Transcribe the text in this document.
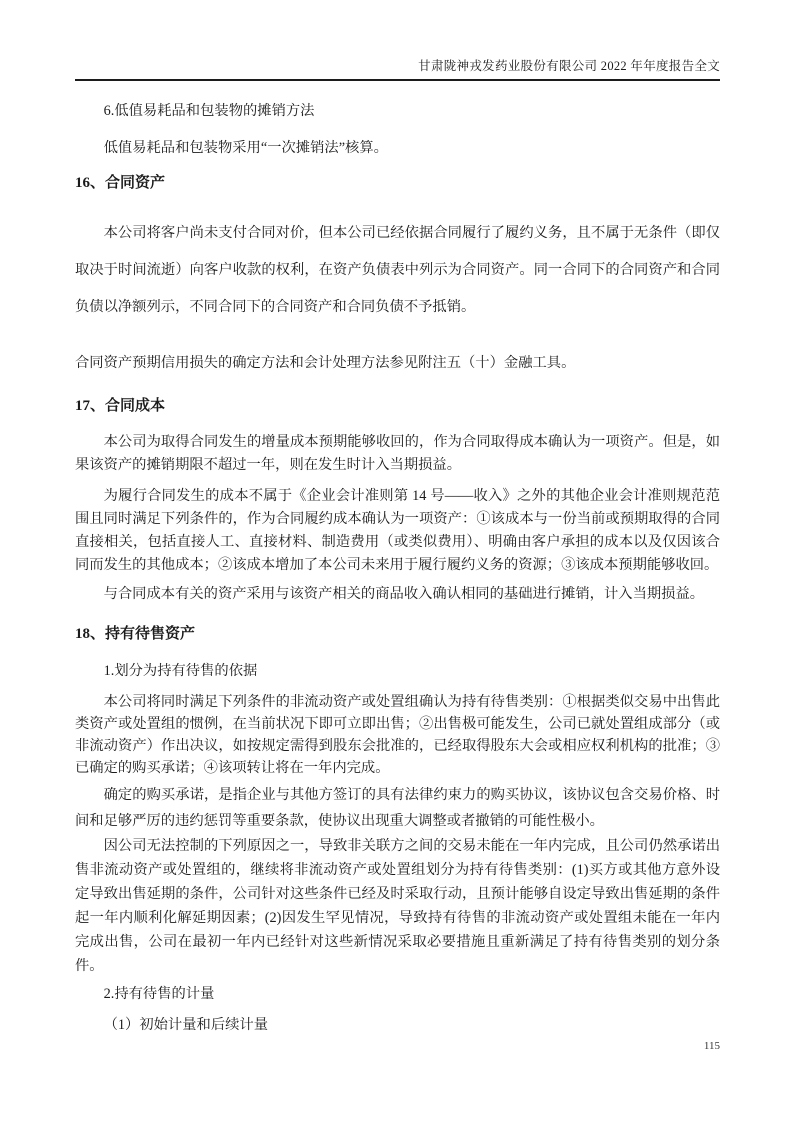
甘肃陇神戎发药业股份有限公司 2022 年年度报告全文

6.低值易耗品和包装物的摊销方法

低值易耗品和包装物采用“一次摊销法”核算。

16、合同资产

本公司将客户尚未支付合同对价，但本公司已经依据合同履行了履约义务，且不属于无条件（即仅取决于时间流逝）向客户收款的权利，在资产负债表中列示为合同资产。同一合同下的合同资产和合同负债以净额列示，不同合同下的合同资产和合同负债不予抵销。

合同资产预期信用损失的确定方法和会计处理方法参见附注五（十）金融工具。

17、合同成本

本公司为取得合同发生的增量成本预期能够收回的，作为合同取得成本确认为一项资产。但是，如果该资产的摊销期限不超过一年，则在发生时计入当期损益。

为履行合同发生的成本不属于《企业会计准则第 14 号——收入》之外的其他企业会计准则规范范围且同时满足下列条件的，作为合同履约成本确认为一项资产：①该成本与一份当前或预期取得的合同直接相关，包括直接人工、直接材料、制造费用（或类似费用）、明确由客户承担的成本以及仅因该合同而发生的其他成本；②该成本增加了本公司未来用于履行履约义务的资源；③该成本预期能够收回。

与合同成本有关的资产采用与该资产相关的商品收入确认相同的基础进行摊销，计入当期损益。

18、持有待售资产

1.划分为持有待售的依据

本公司将同时满足下列条件的非流动资产或处置组确认为持有待售类别：①根据类似交易中出售此类资产或处置组的惯例，在当前状况下即可立即出售；②出售极可能发生，公司已就处置组成部分（或非流动资产）作出决议，如按规定需得到股东会批准的，已经取得股东大会或相应权利机构的批准；③已确定的购买承诺；④该项转让将在一年内完成。

确定的购买承诺，是指企业与其他方签订的具有法律约束力的购买协议，该协议包含交易价格、时间和足够严厉的违约惩罚等重要条款，使协议出现重大调整或者撤销的可能性极小。

因公司无法控制的下列原因之一，导致非关联方之间的交易未能在一年内完成，且公司仍然承诺出售非流动资产或处置组的，继续将非流动资产或处置组划分为持有待售类别：(1)买方或其他方意外设定导致出售延期的条件，公司针对这些条件已经及时采取行动，且预计能够自设定导致出售延期的条件起一年内顺利化解延期因素；(2)因发生罕见情况，导致持有待售的非流动资产或处置组未能在一年内完成出售，公司在最初一年内已经针对这些新情况采取必要措施且重新满足了持有待售类别的划分条件。

2.持有待售的计量

（1）初始计量和后续计量

115
